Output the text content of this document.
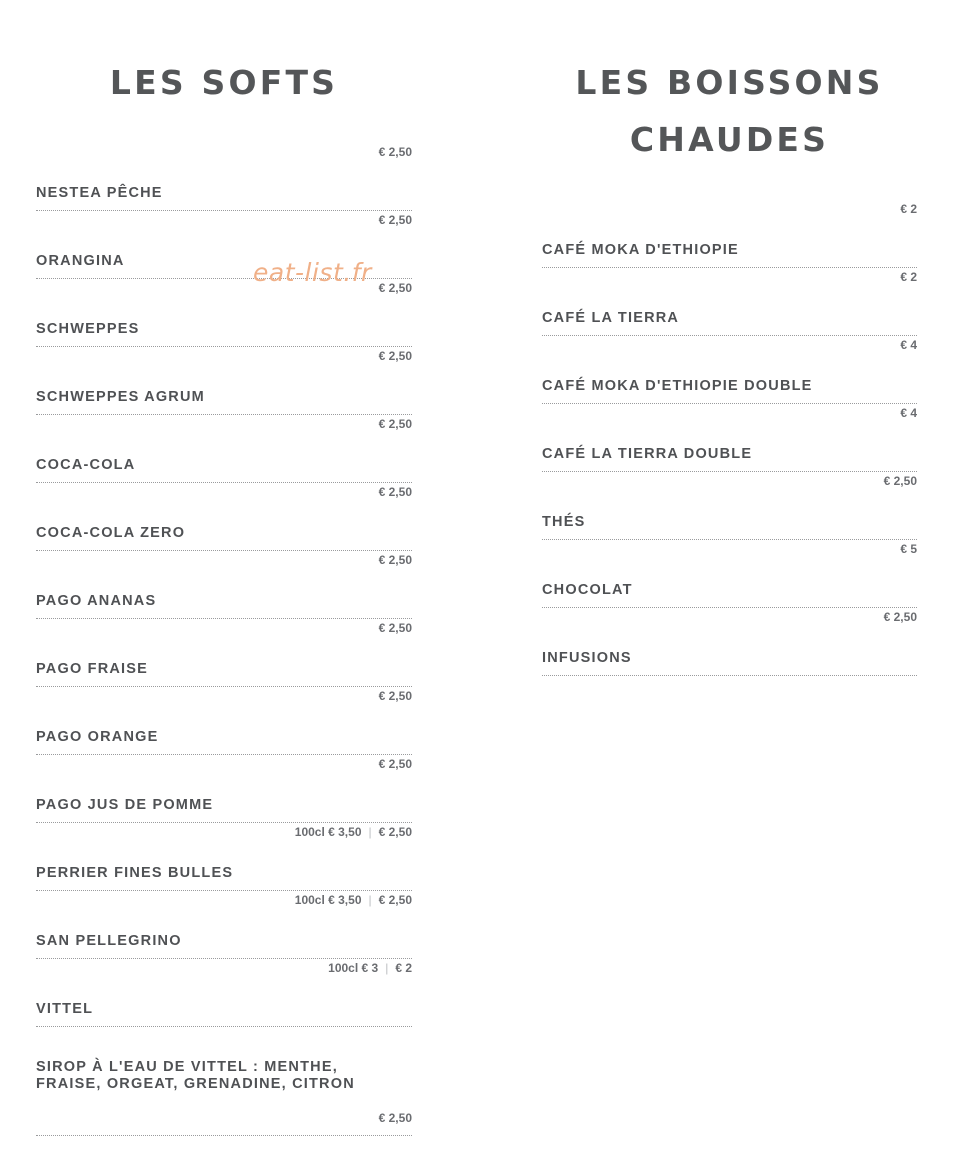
LES SOFTS
€ 2,50
NESTEA PÊCHE
€ 2,50
ORANGINA
€ 2,50
SCHWEPPES
€ 2,50
SCHWEPPES AGRUM
€ 2,50
COCA-COLA
€ 2,50
COCA-COLA ZERO
€ 2,50
PAGO ANANAS
€ 2,50
PAGO FRAISE
€ 2,50
PAGO ORANGE
€ 2,50
PAGO JUS DE POMME
100cl € 3,50 | € 2,50
PERRIER FINES BULLES
100cl € 3,50 | € 2,50
SAN PELLEGRINO
100cl € 3 | € 2
VITTEL
SIROP À L'EAU DE VITTEL : MENTHE, FRAISE, ORGEAT, GRENADINE, CITRON
€ 2,50
LES BOISSONS
CHAUDES
€ 2
CAFÉ MOKA D'ETHIOPIE
€ 2
CAFÉ LA TIERRA
€ 4
CAFÉ MOKA D'ETHIOPIE DOUBLE
€ 4
CAFÉ LA TIERRA DOUBLE
€ 2,50
THÉS
€ 5
CHOCOLAT
€ 2,50
INFUSIONS
eat-list.fr
